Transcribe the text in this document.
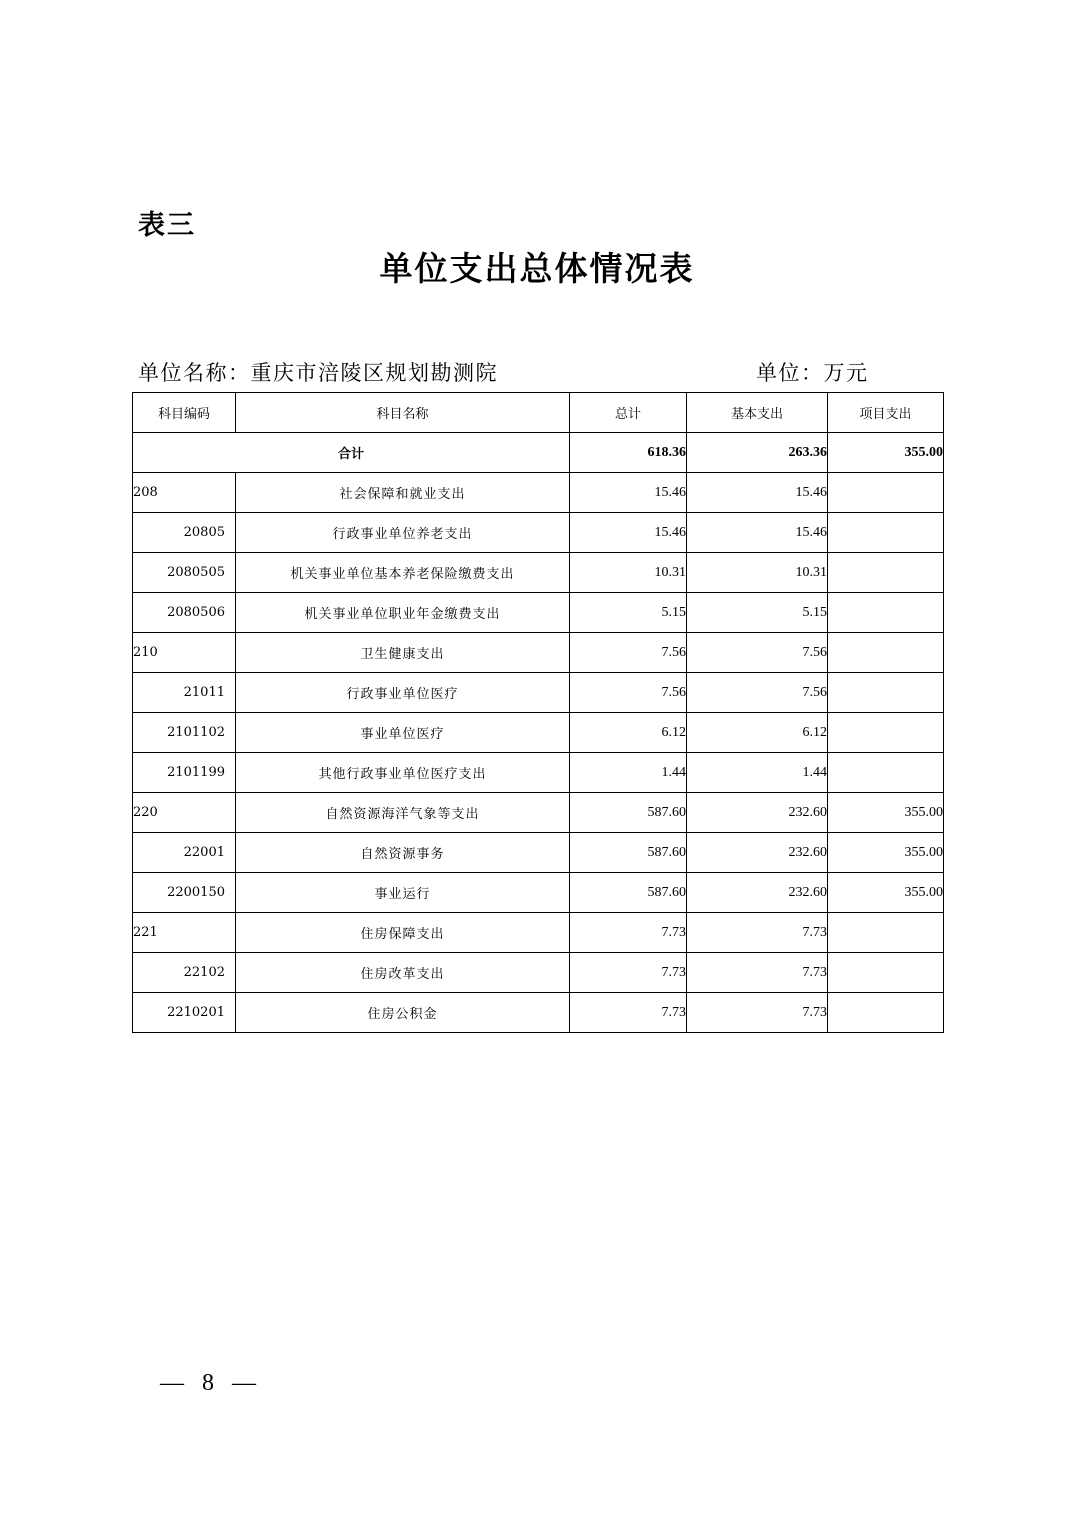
表三
单位支出总体情况表
单位名称：重庆市涪陵区规划勘测院	单位：万元
科目编码	科目名称	总计	基本支出	项目支出
合计		618.36	263.36	355.00
208	社会保障和就业支出	15.46	15.46	
20805	行政事业单位养老支出	15.46	15.46	
2080505	机关事业单位基本养老保险缴费支出	10.31	10.31	
2080506	机关事业单位职业年金缴费支出	5.15	5.15	
210	卫生健康支出	7.56	7.56	
21011	行政事业单位医疗	7.56	7.56	
2101102	事业单位医疗	6.12	6.12	
2101199	其他行政事业单位医疗支出	1.44	1.44	
220	自然资源海洋气象等支出	587.60	232.60	355.00
22001	自然资源事务	587.60	232.60	355.00
2200150	事业运行	587.60	232.60	355.00
221	住房保障支出	7.73	7.73	
22102	住房改革支出	7.73	7.73	
2210201	住房公积金	7.73	7.73	
— 8 —
